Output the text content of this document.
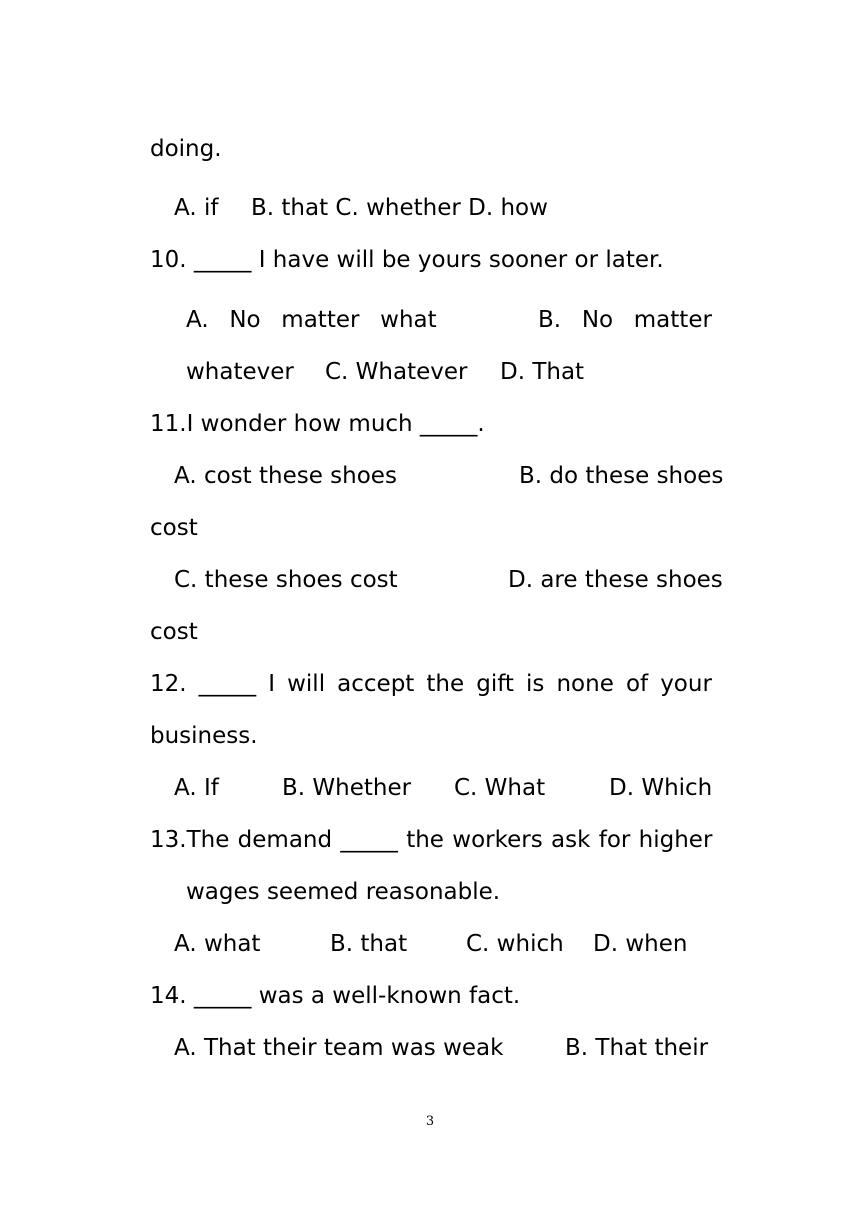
doing.
A. if B. that C. whether D. how
10. _____ I have will be yours sooner or later.
A. No matter what	B. No matter
whatever C. Whatever D. That
11.I wonder how much _____.
A. cost these shoes	B. do these shoes
cost
C. these shoes cost	D. are these shoes
cost
12. _____ I will accept the gift is none of your
business.
A. If	B. Whether C. What	D. Which
13.The demand _____ the workers ask for higher
wages seemed reasonable.
A. what	B. that	C. which D. when
14. _____ was a well-known fact.
A. That their team was weak	B. That their
3
